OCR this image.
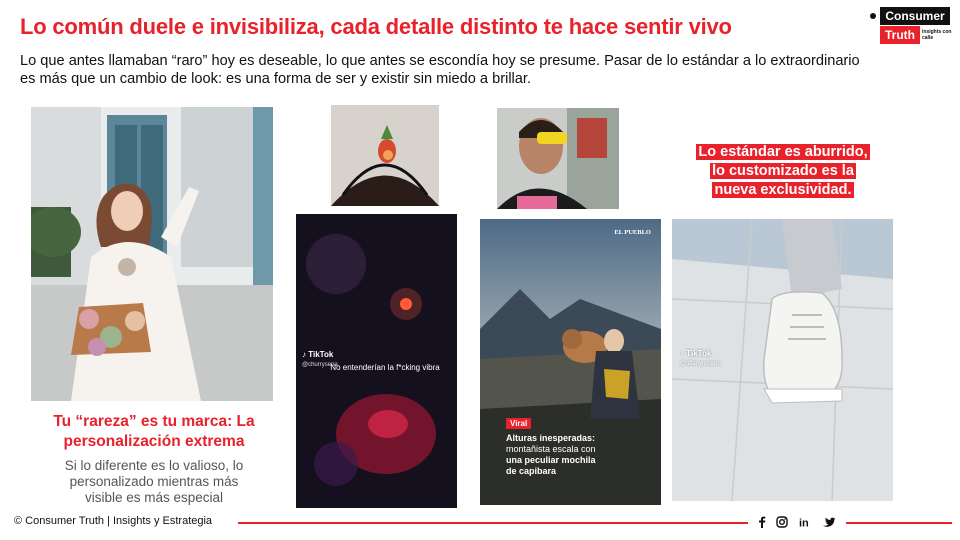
Lo común duele e invisibiliza, cada detalle distinto te hace sentir vivo
Lo que antes llamaban “raro” hoy es deseable, lo que antes se escondía hoy se presume. Pasar de lo estándar a lo extraordinario es más que un cambio de look: es una forma de ser y existir sin miedo a brillar.
Consumer
Truth	insights con calle
♪ TikTok
@churrysena
No entenderían la f*cking vibra
EL PUEBLO
Viral
Alturas inesperadas:
montañista escala con
una peculiar mochila
de capibara
♪ TikTok
@tiffanyurbano
Lo estándar es aburrido,
lo customizado es la
nueva exclusividad.
Tu “rareza” es tu marca: La
personalización extrema
Si lo diferente es lo valioso, lo
personalizado mientras más
visible es más especial
© Consumer Truth | Insights y Estrategia	in
